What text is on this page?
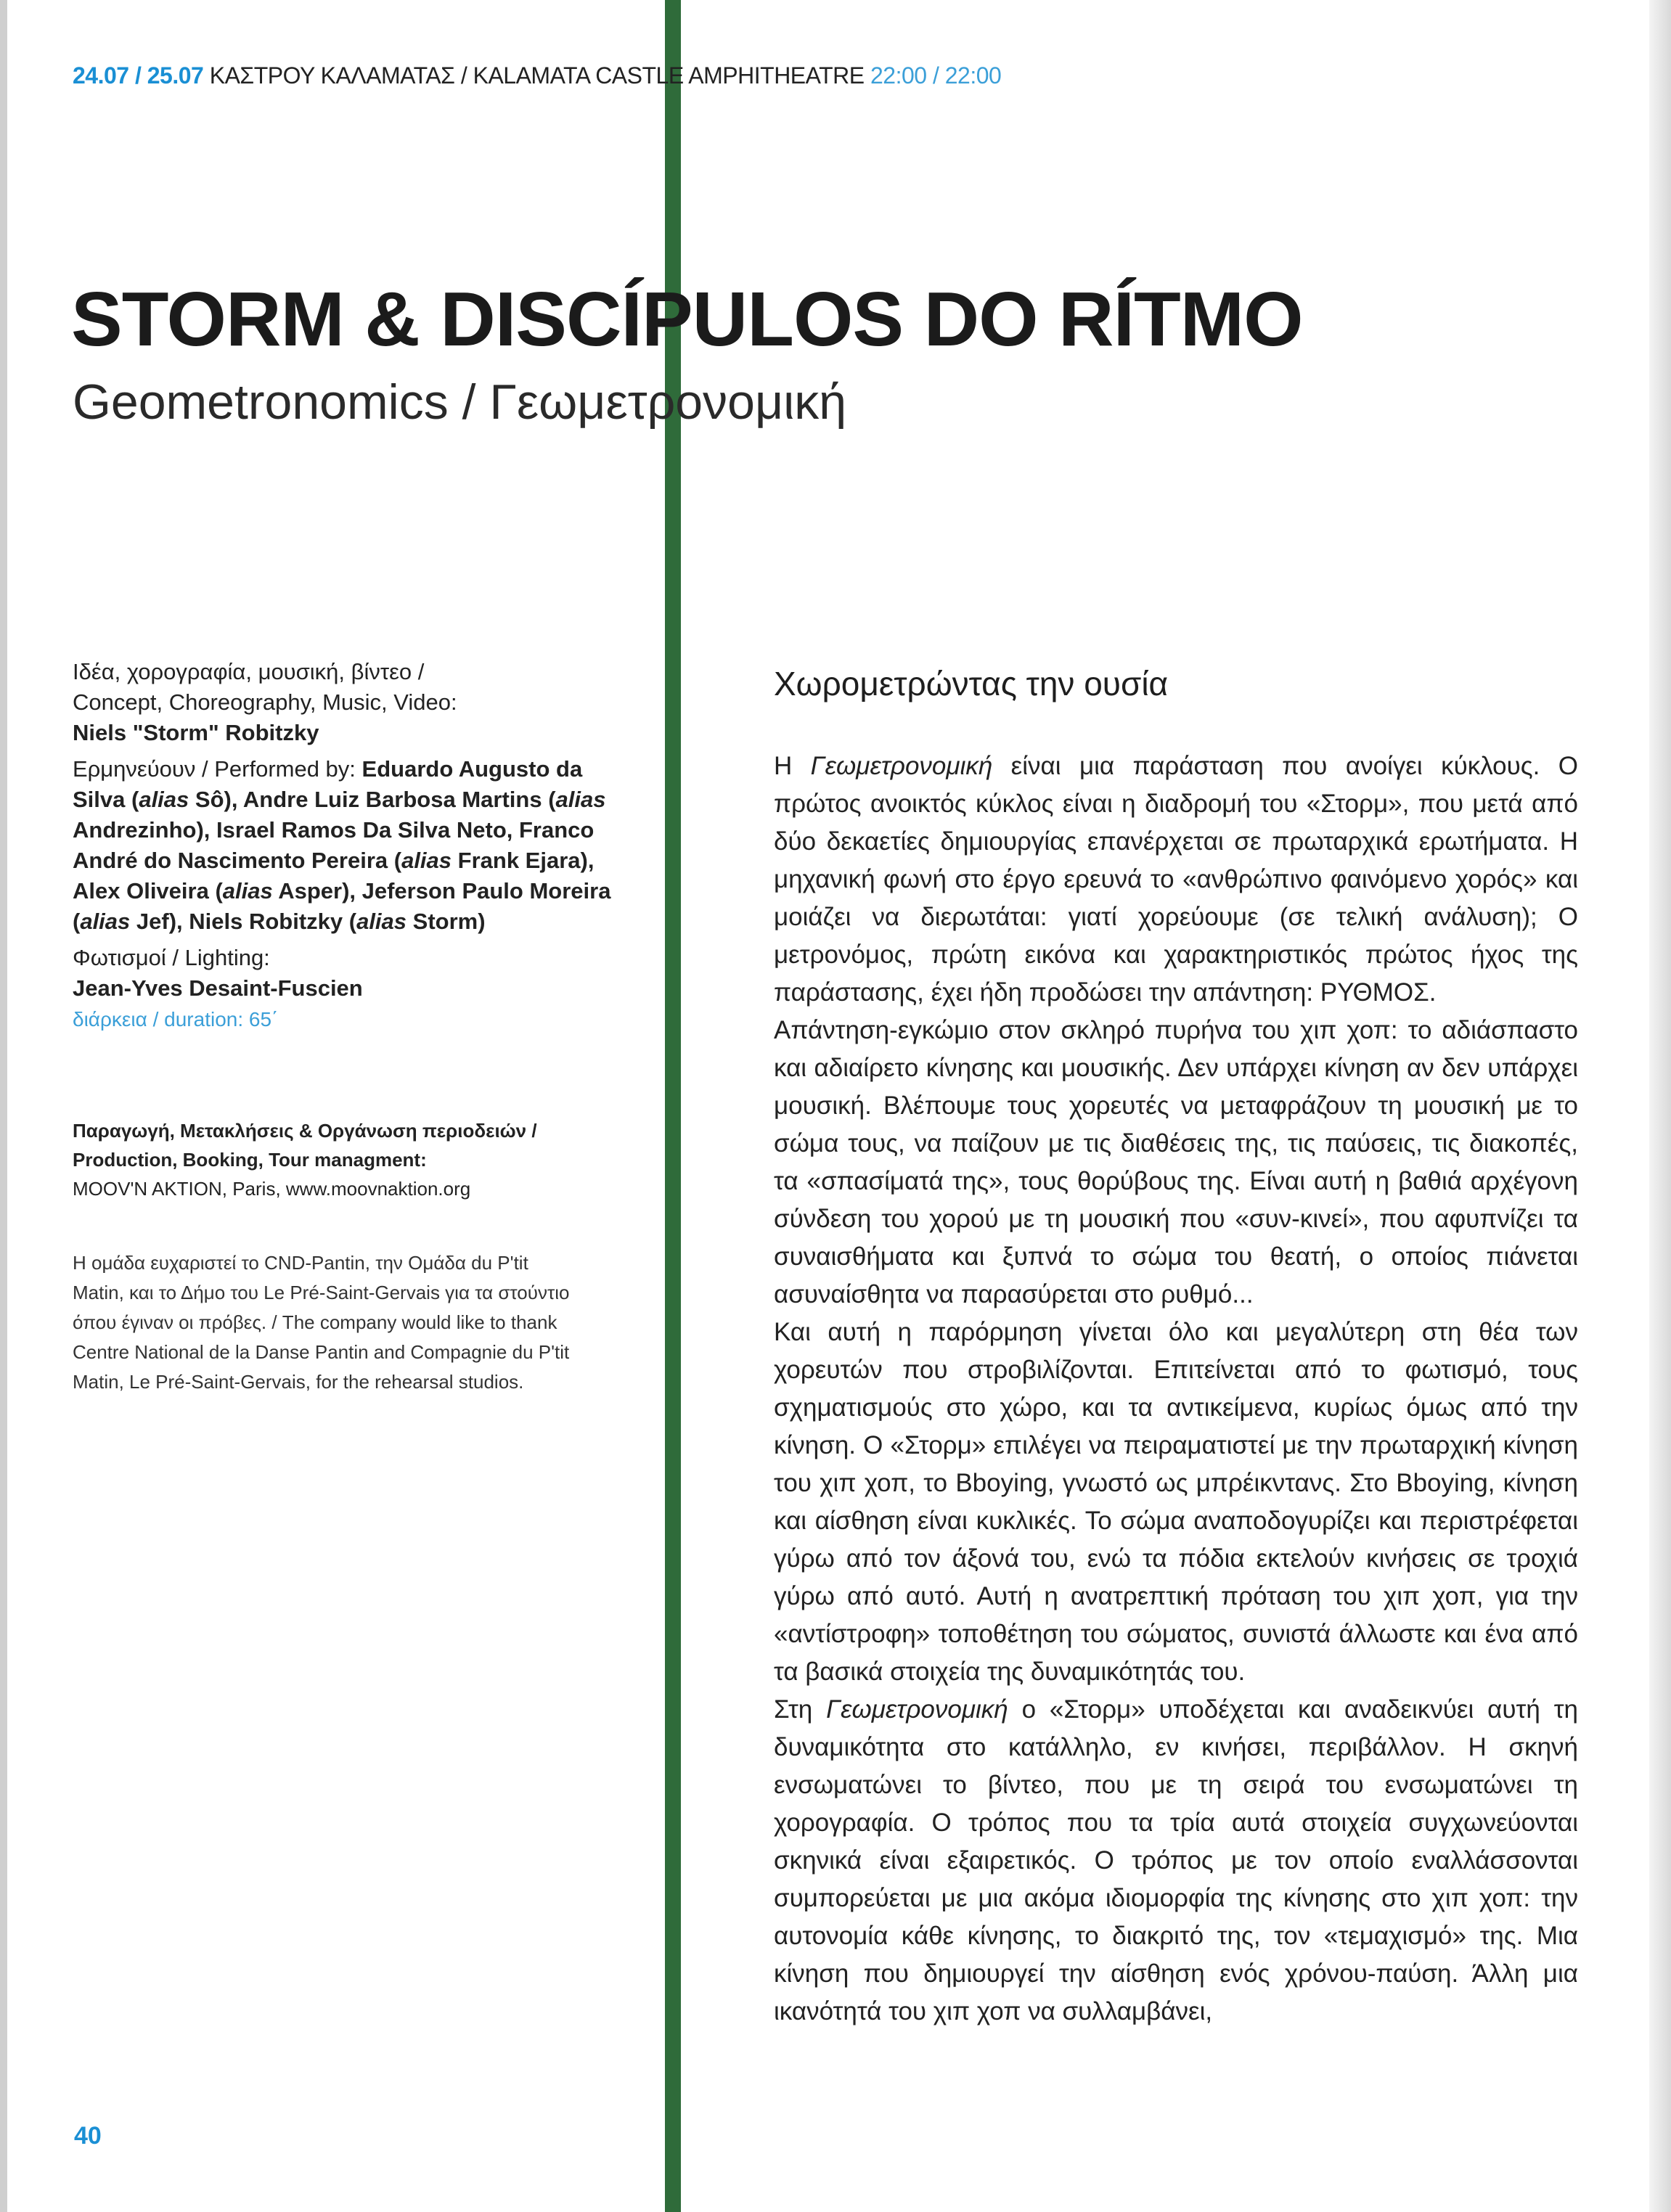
24.07 / 25.07 ΚΑΣΤΡΟΥ ΚΑΛΑΜΑΤΑΣ / KALAMATA CASTLE AMPHITHEATRE 22:00 / 22:00
STORM & DISCÍPULOS DO RÍTMO
Geometronomics / Γεωμετρονομική

Ιδέα, χορογραφία, μουσική, βίντεο /
Concept, Choreography, Music, Video:
Niels "Storm" Robitzky

Ερμηνεύουν / Performed by: Eduardo Augusto da Silva (alias Sô), Andre Luiz Barbosa Martins (alias Andrezinho), Israel Ramos Da Silva Neto, Franco André do Nascimento Pereira (alias Frank Ejara), Alex Oliveira (alias Asper), Jeferson Paulo Moreira (alias Jef), Niels Robitzky (alias Storm)

Φωτισμοί / Lighting:
Jean-Yves Desaint-Fuscien
διάρκεια / duration: 65΄

Παραγωγή, Μετακλήσεις & Οργάνωση περιοδειών /
Production, Booking, Tour managment:
MOOV'N AKTION, Paris, www.moovnaktion.org
Η ομάδα ευχαριστεί το CND-Pantin, την Ομάδα du P'tit Matin, και το Δήμο του Le Pré-Saint-Gervais για τα στούντιο όπου έγιναν οι πρόβες. / The company would like to thank Centre National de la Danse Pantin and Compagnie du P'tit Matin, Le Pré-Saint-Gervais, for the rehearsal studios.
Χωρομετρώντας την ουσία

Η Γεωμετρονομική είναι μια παράσταση που ανοίγει κύκλους. Ο πρώτος ανοικτός κύκλος είναι η διαδρομή του «Στορμ», που μετά από δύο δεκαετίες δημιουργίας επανέρχεται σε πρωταρχικά ερωτήματα. Η μηχανική φωνή στο έργο ερευνά το «ανθρώπινο φαινόμενο χορός» και μοιάζει να διερωτάται: γιατί χορεύουμε (σε τελική ανάλυση); Ο μετρονόμος, πρώτη εικόνα και χαρακτηριστικός πρώτος ήχος της παράστασης, έχει ήδη προδώσει την απάντηση: ΡΥΘΜΟΣ.

Απάντηση-εγκώμιο στον σκληρό πυρήνα του χιπ χοπ: το αδιάσπαστο και αδιαίρετο κίνησης και μουσικής. Δεν υπάρχει κίνηση αν δεν υπάρχει μουσική. Βλέπουμε τους χορευτές να μεταφράζουν τη μουσική με το σώμα τους, να παίζουν με τις διαθέσεις της, τις παύσεις, τις διακοπές, τα «σπασίματά της», τους θορύβους της. Είναι αυτή η βαθιά αρχέγονη σύνδεση του χορού με τη μουσική που «συν-κινεί», που αφυπνίζει τα συναισθήματα και ξυπνά το σώμα του θεατή, ο οποίος πιάνεται ασυναίσθητα να παρασύρεται στο ρυθμό...

Και αυτή η παρόρμηση γίνεται όλο και μεγαλύτερη στη θέα των χορευτών που στροβιλίζονται. Επιτείνεται από το φωτισμό, τους σχηματισμούς στο χώρο, και τα αντικείμενα, κυρίως όμως από την κίνηση. Ο «Στορμ» επιλέγει να πειραματιστεί με την πρωταρχική κίνηση του χιπ χοπ, το Bboying, γνωστό ως μπρέικντανς. Στο Bboying, κίνηση και αίσθηση είναι κυκλικές. Το σώμα αναποδογυρίζει και περιστρέφεται γύρω από τον άξονά του, ενώ τα πόδια εκτελούν κινήσεις σε τροχιά γύρω από αυτό. Αυτή η ανατρεπτική πρόταση του χιπ χοπ, για την «αντίστροφη» τοποθέτηση του σώματος, συνιστά άλλωστε και ένα από τα βασικά στοιχεία της δυναμικότητάς του.

Στη Γεωμετρονομική ο «Στορμ» υποδέχεται και αναδεικνύει αυτή τη δυναμικότητα στο κατάλληλο, εν κινήσει, περιβάλλον. Η σκηνή ενσωματώνει το βίντεο, που με τη σειρά του ενσωματώνει τη χορογραφία. Ο τρόπος που τα τρία αυτά στοιχεία συγχωνεύονται σκηνικά είναι εξαιρετικός. Ο τρόπος με τον οποίο εναλλάσσονται συμπορεύεται με μια ακόμα ιδιομορφία της κίνησης στο χιπ χοπ: την αυτονομία κάθε κίνησης, το διακριτό της, τον «τεμαχισμό» της. Μια κίνηση που δημιουργεί την αίσθηση ενός χρόνου-παύση. Άλλη μια ικανότητά του χιπ χοπ να συλλαμβάνει,

40
